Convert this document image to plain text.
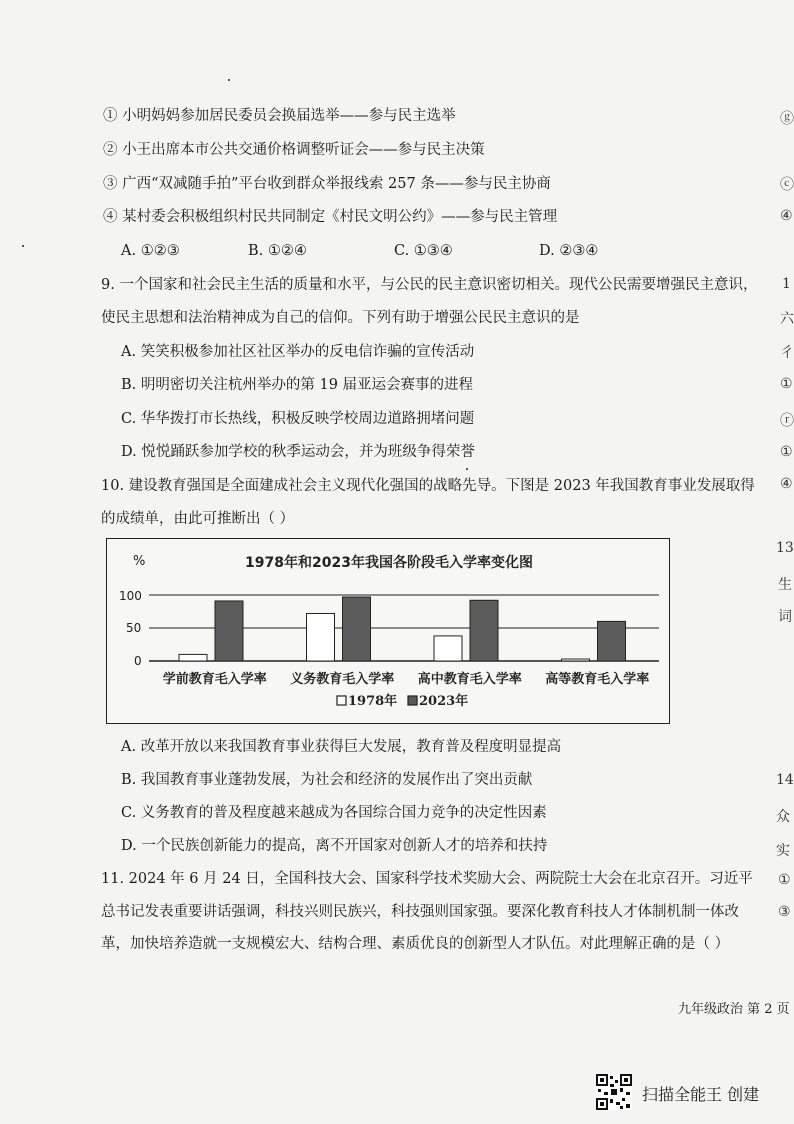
① 小明妈妈参加居民委员会换届选举——参与民主选举
② 小王出席本市公共交通价格调整听证会——参与民主决策
③ 广西“双减随手拍”平台收到群众举报线索 257 条——参与民主协商
④ 某村委会积极组织村民共同制定《村民文明公约》——参与民主管理
A. ①②③	B. ①②④	C. ①③④	D. ②③④
9. 一个国家和社会民主生活的质量和水平，与公民的民主意识密切相关。现代公民需要增强民主意识，
使民主思想和法治精神成为自己的信仰。下列有助于增强公民民主意识的是
A. 笑笑积极参加社区社区举办的反电信诈骗的宣传活动
B. 明明密切关注杭州举办的第 19 届亚运会赛事的进程
C. 华华拨打市长热线，积极反映学校周边道路拥堵问题
D. 悦悦踊跃参加学校的秋季运动会，并为班级争得荣誉
10. 建设教育强国是全面建成社会主义现代化强国的战略先导。下图是 2023 年我国教育事业发展取得
的成绩单，由此可推断出（ ）
%	1978年和2023年我国各阶段毛入学率变化图
100
50
0
学前教育毛入学率 义务教育毛入学率 高中教育毛入学率 高等教育毛入学率
1978年 2023年
A. 改革开放以来我国教育事业获得巨大发展，教育普及程度明显提高
B. 我国教育事业蓬勃发展，为社会和经济的发展作出了突出贡献
C. 义务教育的普及程度越来越成为各国综合国力竞争的决定性因素
D. 一个民族创新能力的提高，离不开国家对创新人才的培养和扶持
11. 2024 年 6 月 24 日，全国科技大会、国家科学技术奖励大会、两院院士大会在北京召开。习近平
总书记发表重要讲话强调，科技兴则民族兴，科技强则国家强。要深化教育科技人才体制机制一体改
革，加快培养造就一支规模宏大、结构合理、素质优良的创新型人才队伍。对此理解正确的是（ ）
九年级政治 第 2 页
13
生
词
14
众
实
①
③
ⓖ
ⓒ
④
1
六
彳
①
ⓡ
①
④
扫描全能王 创建
